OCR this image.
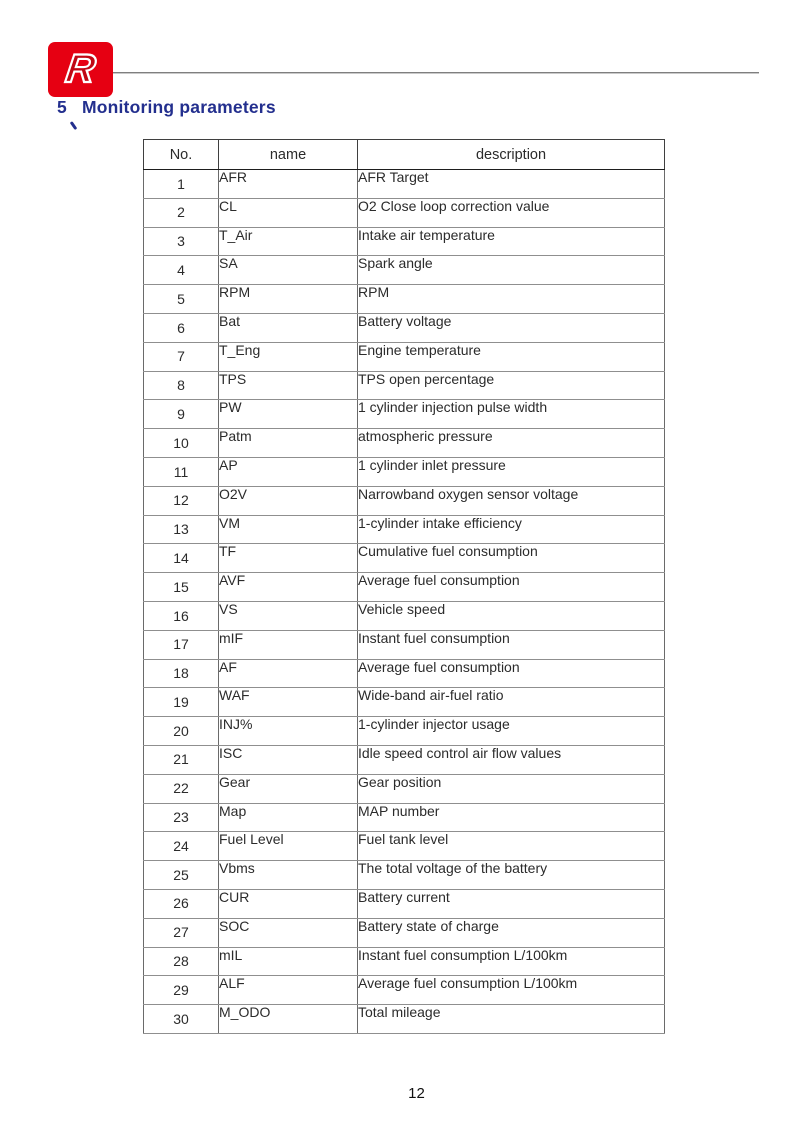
R
5 Monitoring parameters
No.	name	description
1	AFR	AFR Target
2	CL	O2 Close loop correction value
3	T_Air	Intake air temperature
4	SA	Spark angle
5	RPM	RPM
6	Bat	Battery voltage
7	T_Eng	Engine temperature
8	TPS	TPS open percentage
9	PW	1 cylinder injection pulse width
10	Patm	atmospheric pressure
11	AP	1 cylinder inlet pressure
12	O2V	Narrowband oxygen sensor voltage
13	VM	1-cylinder intake efficiency
14	TF	Cumulative fuel consumption
15	AVF	Average fuel consumption
16	VS	Vehicle speed
17	mIF	Instant fuel consumption
18	AF	Average fuel consumption
19	WAF	Wide-band air-fuel ratio
20	INJ%	1-cylinder injector usage
21	ISC	Idle speed control air flow values
22	Gear	Gear position
23	Map	MAP number
24	Fuel Level	Fuel tank level
25	Vbms	The total voltage of the battery
26	CUR	Battery current
27	SOC	Battery state of charge
28	mIL	Instant fuel consumption L/100km
29	ALF	Average fuel consumption L/100km
30	M_ODO	Total mileage
12
